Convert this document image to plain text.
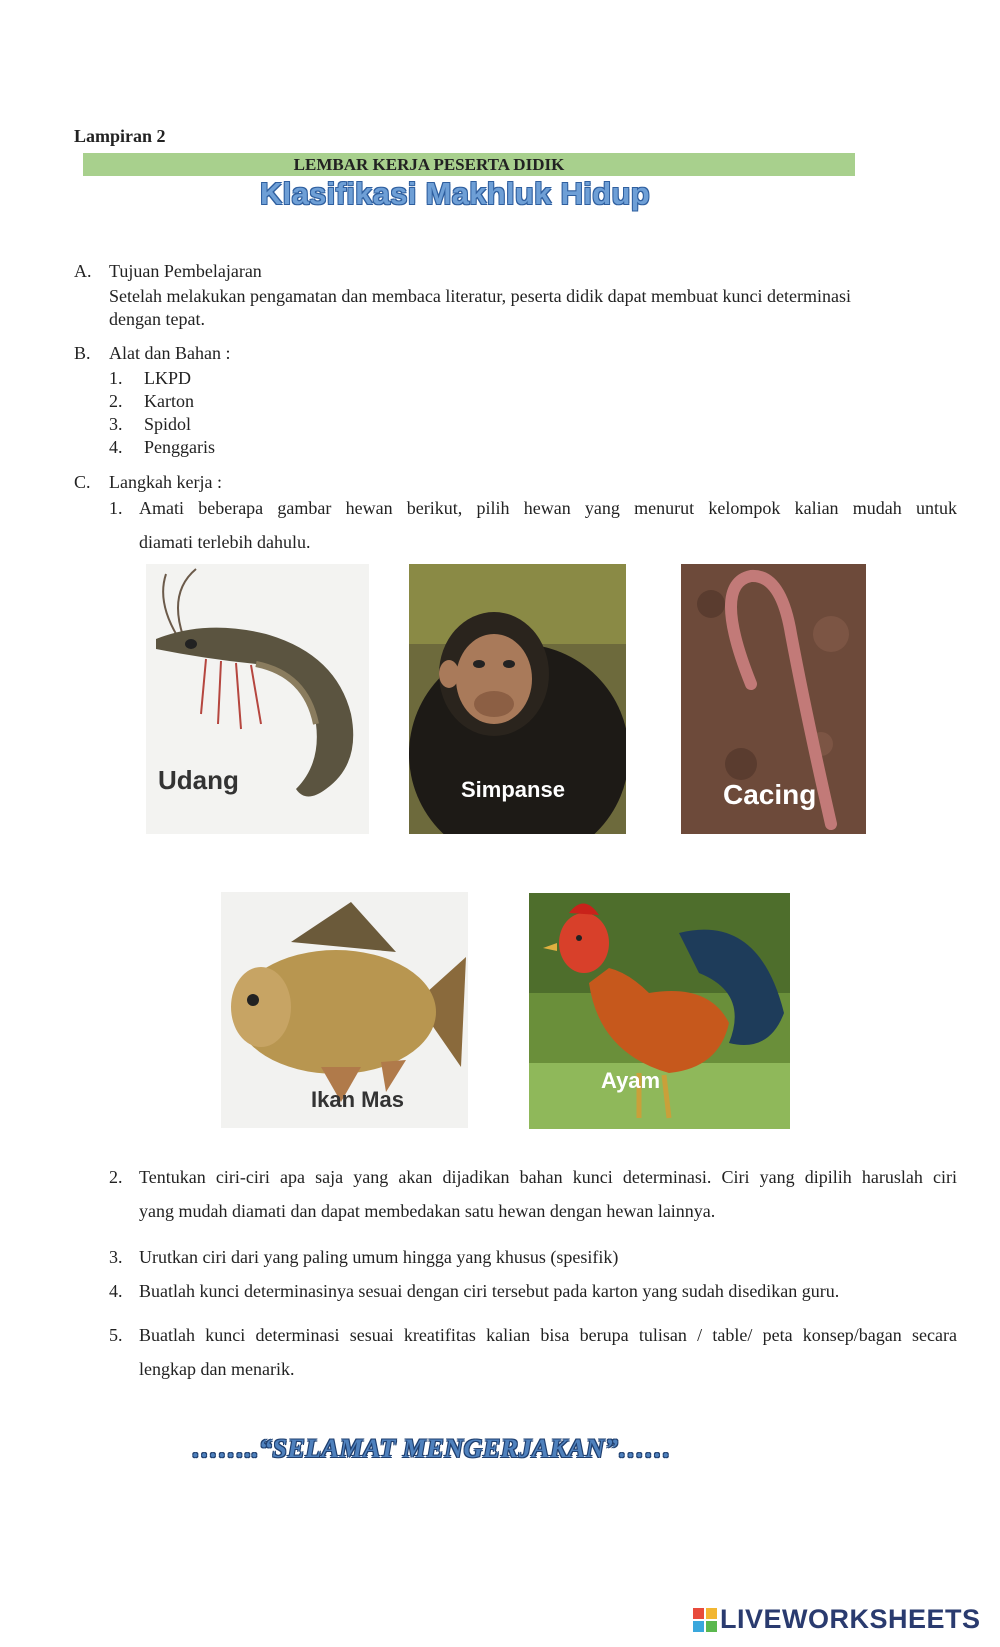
Lampiran 2
LEMBAR KERJA PESERTA DIDIK
Klasifikasi Makhluk Hidup
A. Tujuan Pembelajaran
Setelah melakukan pengamatan dan membaca literatur, peserta didik dapat membuat kunci determinasi
dengan tepat.
B. Alat dan Bahan :
1. LKPD
2. Karton
3. Spidol
4. Penggaris
C. Langkah kerja :
1. Amati beberapa gambar hewan berikut, pilih hewan yang menurut kelompok kalian mudah untuk
diamati terlebih dahulu.
Udang	Simpanse	Cacing
Ikan Mas
Ayam
2. Tentukan ciri-ciri apa saja yang akan dijadikan bahan kunci determinasi. Ciri yang dipilih haruslah ciri
yang mudah diamati dan dapat membedakan satu hewan dengan hewan lainnya.
3. Urutkan ciri dari yang paling umum hingga yang khusus (spesifik)
4. Buatlah kunci determinasinya sesuai dengan ciri tersebut pada karton yang sudah disedikan guru.
5. Buatlah kunci determinasi sesuai kreatifitas kalian bisa berupa tulisan / table/ peta konsep/bagan secara
lengkap dan menarik.
……..“SELAMAT MENGERJAKAN”……
LIVEWORKSHEETS
